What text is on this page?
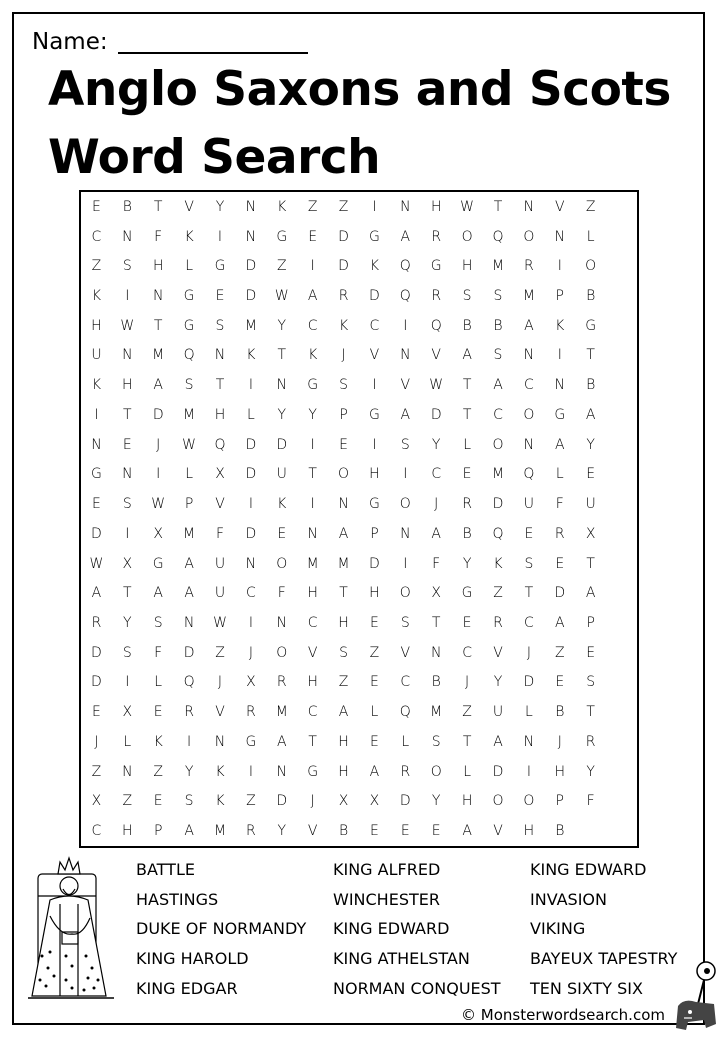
Name:
Anglo Saxons and Scots
Word Search
E	B	T	V	Y	N	K	Z	Z	I	N	H	W	T	N	V	Z
C	N	F	K	I	N	G	E	D	G	A	R	O	Q	O	N	L
Z	S	H	L	G	D	Z	I	D	K	Q	G	H	M	R	I	O
K	I	N	G	E	D	W	A	R	D	Q	R	S	S	M	P	B
H	W	T	G	S	M	Y	C	K	C	I	Q	B	B	A	K	G
U	N	M	Q	N	K	T	K	J	V	N	V	A	S	N	I	T
K	H	A	S	T	I	N	G	S	I	V	W	T	A	C	N	B
I	T	D	M	H	L	Y	Y	P	G	A	D	T	C	O	G	A
N	E	J	W	Q	D	D	I	E	I	S	Y	L	O	N	A	Y
G	N	I	L	X	D	U	T	O	H	I	C	E	M	Q	L	E
E	S	W	P	V	I	K	I	N	G	O	J	R	D	U	F	U
D	I	X	M	F	D	E	N	A	P	N	A	B	Q	E	R	X
W	X	G	A	U	N	O	M	M	D	I	F	Y	K	S	E	T
A	T	A	A	U	C	F	H	T	H	O	X	G	Z	T	D	A
R	Y	S	N	W	I	N	C	H	E	S	T	E	R	C	A	P
D	S	F	D	Z	J	O	V	S	Z	V	N	C	V	J	Z	E
D	I	L	Q	J	X	R	H	Z	E	C	B	J	Y	D	E	S
E	X	E	R	V	R	M	C	A	L	Q	M	Z	U	L	B	T
J	L	K	I	N	G	A	T	H	E	L	S	T	A	N	J	R
Z	N	Z	Y	K	I	N	G	H	A	R	O	L	D	I	H	Y
X	Z	E	S	K	Z	D	J	X	X	D	Y	H	O	O	P	F
C	H	P	A	M	R	Y	V	B	E	E	E	A	V	H	B
BATTLE
HASTINGS
DUKE OF NORMANDY
KING HAROLD
KING EDGAR
KING ALFRED
WINCHESTER
KING EDWARD
KING ATHELSTAN
NORMAN CONQUEST
KING EDWARD
INVASION
VIKING
BAYEUX TAPESTRY
TEN SIXTY SIX
© Monsterwordsearch.com
